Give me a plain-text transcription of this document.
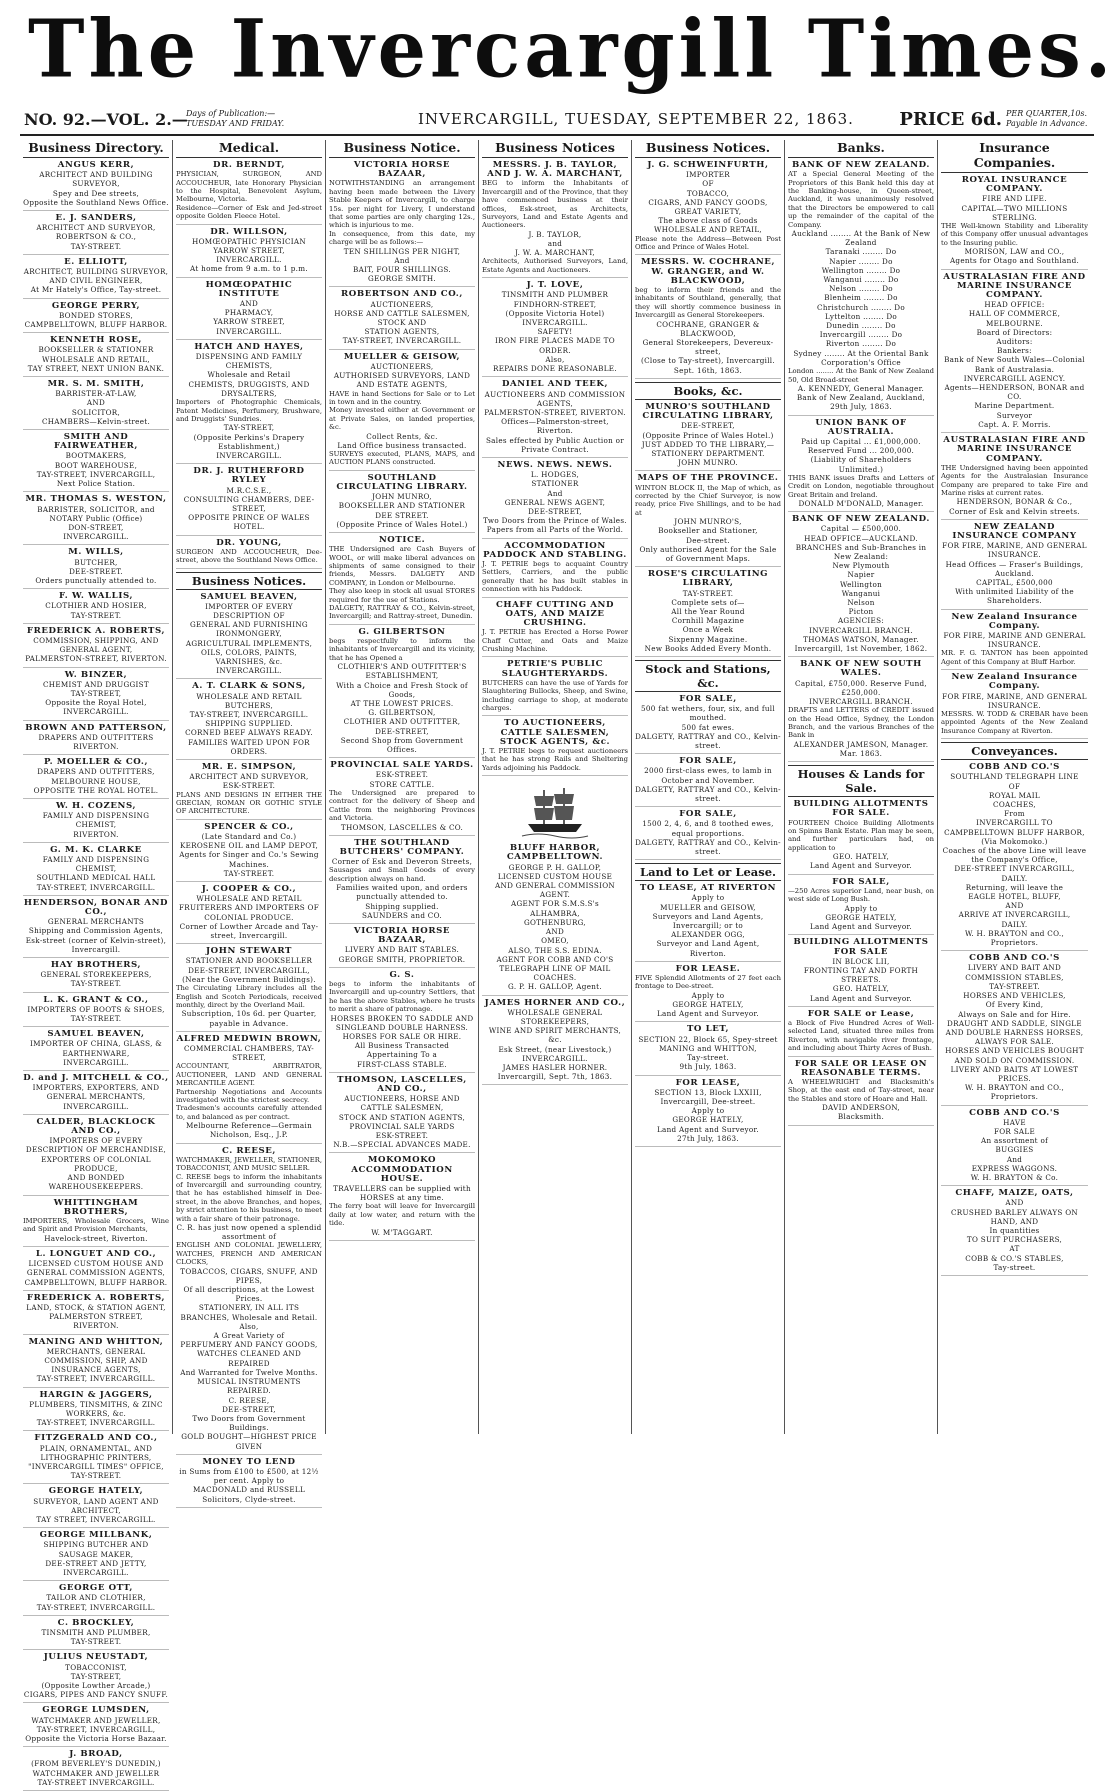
The Invercargill Times.
NO. 92.—VOL. 2.—
Days of Publication:— TUESDAY AND FRIDAY.	INVERCARGILL, TUESDAY, SEPTEMBER 22, 1863.	PRICE 6d. PER QUARTER,10s. Payable in Advance.
Business Directory.
ANGUS KERR,
ARCHITECT AND BUILDING SURVEYOR,
Spey and Dee streets,
Opposite the Southland News Office.
E. J. SANDERS,
ARCHITECT AND SURVEYOR,
ROBERTSON & CO.,
TAY-STREET.
E. ELLIOTT,
ARCHITECT, BUILDING SURVEYOR, AND CIVIL ENGINEER,
At Mr Hately's Office, Tay-street.
GEORGE PERRY,
BONDED STORES,
CAMPBELLTOWN, BLUFF HARBOR.
KENNETH ROSE,
BOOKSELLER & STATIONER
WHOLESALE AND RETAIL,
TAY STREET, NEXT UNION BANK.
MR. S. M. SMITH,
BARRISTER-AT-LAW,
AND
SOLICITOR,
CHAMBERS—Kelvin-street.
SMITH AND FAIRWEATHER,
BOOTMAKERS,
BOOT WAREHOUSE,
TAY-STREET, INVERCARGILL,
Next Police Station.
MR. THOMAS S. WESTON,
BARRISTER, SOLICITOR, and NOTARY Public (Office)
DON-STREET,
INVERCARGILL.
M. WILLS,
BUTCHER,
DEE-STREET.
Orders punctually attended to.
F. W. WALLIS,
CLOTHIER AND HOSIER,
TAY-STREET.
FREDERICK A. ROBERTS,
COMMISSION, SHIPPING, AND GENERAL AGENT,
PALMERSTON-STREET, RIVERTON.
W. BINZER,
CHEMIST AND DRUGGIST
TAY-STREET,
Opposite the Royal Hotel,
INVERCARGILL.
BROWN AND PATTERSON,
DRAPERS AND OUTFITTERS
RIVERTON.
P. MOELLER & CO.,
DRAPERS AND OUTFITTERS,
MELBOURNE HOUSE,
OPPOSITE THE ROYAL HOTEL.
W. H. COZENS,
FAMILY AND DISPENSING CHEMIST,
RIVERTON.
G. M. K. CLARKE
FAMILY AND DISPENSING CHEMIST,
SOUTHLAND MEDICAL HALL
TAY-STREET, INVERCARGILL.
HENDERSON, BONAR AND CO.,
GENERAL MERCHANTS
Shipping and Commission Agents,
Esk-street (corner of Kelvin-street), Invercargill.
HAY BROTHERS,
GENERAL STOREKEEPERS,
TAY-STREET.
L. K. GRANT & CO.,
IMPORTERS OF BOOTS & SHOES,
TAY-STREET.
SAMUEL BEAVEN,
IMPORTER OF CHINA, GLASS, & EARTHENWARE,
INVERCARGILL.
D. and J. MITCHELL & CO.,
IMPORTERS, EXPORTERS, AND GENERAL MERCHANTS,
INVERCARGILL.
CALDER, BLACKLOCK AND CO.,
IMPORTERS OF EVERY DESCRIPTION OF MERCHANDISE,
EXPORTERS OF COLONIAL PRODUCE,
AND BONDED WAREHOUSEKEEPERS.
WHITTINGHAM BROTHERS,
IMPORTERS, Wholesale Grocers, Wine and Spirit and Provision Merchants,
Havelock-street, Riverton.
L. LONGUET AND CO.,
LICENSED CUSTOM HOUSE AND GENERAL COMMISSION AGENTS,
CAMPBELLTOWN, BLUFF HARBOR.
FREDERICK A. ROBERTS,
LAND, STOCK, & STATION AGENT,
PALMERSTON STREET,
RIVERTON.
MANING AND WHITTON,
MERCHANTS, GENERAL COMMISSION, SHIP, AND INSURANCE AGENTS,
TAY-STREET, INVERCARGILL.
HARGIN & JAGGERS,
PLUMBERS, TINSMITHS, & ZINC WORKERS, &c.
TAY-STREET, INVERCARGILL.
FITZGERALD AND CO.,
PLAIN, ORNAMENTAL, AND LITHOGRAPHIC PRINTERS,
"INVERCARGILL TIMES" OFFICE,
TAY-STREET.
GEORGE HATELY,
SURVEYOR, LAND AGENT AND ARCHITECT,
TAY STREET, INVERCARGILL.
GEORGE MILLBANK,
SHIPPING BUTCHER AND SAUSAGE MAKER,
DEE-STREET AND JETTY,
INVERCARGILL.
GEORGE OTT,
TAILOR AND CLOTHIER,
TAY-STREET, INVERCARGILL.
C. BROCKLEY,
TINSMITH AND PLUMBER,
TAY-STREET.
JULIUS NEUSTADT,
TOBACCONIST,
TAY-STREET,
(Opposite Lowther Arcade,)
CIGARS, PIPES AND FANCY SNUFF.
GEORGE LUMSDEN,
WATCHMAKER AND JEWELLER,
TAY-STREET, INVERCARGILL,
Opposite the Victoria Horse Bazaar.
J. BROAD,
(FROM BEVERLEY'S DUNEDIN,)
WATCHMAKER AND JEWELLER
TAY-STREET INVERCARGILL.
Medical.
DR. BERNDT,
PHYSICIAN, SURGEON, AND ACCOUCHEUR, late Honorary Physician to the Hospital, Benevolent Asylum, Melbourne, Victoria.
Residence—Corner of Esk and Jed-street opposite Golden Fleece Hotel.
DR. WILLSON,
HOMŒOPATHIC PHYSICIAN
YARROW STREET,
INVERCARGILL.
At home from 9 a.m. to 1 p.m.
HOMŒOPATHIC INSTITUTE
AND
PHARMACY,
YARROW STREET,
INVERCARGILL.
HATCH AND HAYES,
DISPENSING AND FAMILY CHEMISTS,
Wholesale and Retail
CHEMISTS, DRUGGISTS, AND DRYSALTERS,
Importers of Photographic Chemicals, Patent Medicines, Perfumery, Brushware, and Druggists' Sundries.
TAY-STREET,
(Opposite Perkins's Drapery Establishment,)
INVERCARGILL.
DR. J. RUTHERFORD RYLEY
M.R.C.S.E.,
CONSULTING CHAMBERS, DEE-STREET,
OPPOSITE PRINCE OF WALES HOTEL.
DR. YOUNG,
SURGEON AND ACCOUCHEUR, Dee-street, above the Southland News Office.
Business Notices.
SAMUEL BEAVEN,
IMPORTER OF EVERY DESCRIPTION OF
GENERAL AND FURNISHING IRONMONGERY,
AGRICULTURAL IMPLEMENTS,
OILS, COLORS, PAINTS, VARNISHES, &c.
INVERCARGILL.
A. T. CLARK & SONS,
WHOLESALE AND RETAIL BUTCHERS,
TAY-STREET, INVERCARGILL.
SHIPPING SUPPLIED.
CORNED BEEF ALWAYS READY.
FAMILIES WAITED UPON FOR ORDERS.
MR. E. SIMPSON,
ARCHITECT AND SURVEYOR,
ESK-STREET.
PLANS AND DESIGNS IN EITHER THE GRECIAN, ROMAN OR GOTHIC STYLE OF ARCHITECTURE.
SPENCER & CO.,
(Late Standard and Co.)
KEROSENE OIL and LAMP DEPOT,
Agents for Singer and Co.'s Sewing Machines.
TAY-STREET.
J. COOPER & CO.,
WHOLESALE AND RETAIL
FRUITERERS AND IMPORTERS OF COLONIAL PRODUCE.
Corner of Lowther Arcade and Tay-street, Invercargill.
JOHN STEWART
STATIONER AND BOOKSELLER
DEE-STREET, INVERCARGILL,
(Near the Government Buildings).
The Circulating Library includes all the English and Scotch Periodicals, received monthly, direct by the Overland Mail.
Subscription, 10s 6d. per Quarter, payable in Advance.
ALFRED MEDWIN BROWN,
COMMERCIAL CHAMBERS, TAY-STREET,
ACCOUNTANT, ARBITRATOR, AUCTIONEER, LAND AND GENERAL MERCANTILE AGENT.
Partnership Negotiations and Accounts investigated with the strictest secrecy.
Tradesmen's accounts carefully attended to, and balanced as per contract.
Melbourne Reference—Germain Nicholson, Esq., J.P.
C. REESE,
WATCHMAKER, JEWELLER, STATIONER, TOBACCONIST, AND MUSIC SELLER.
C. REESE begs to inform the inhabitants of Invercargill and surrounding country, that he has established himself in Dee-street, in the above Branches, and hopes, by strict attention to his business, to meet with a fair share of their patronage.
C. R. has just now opened a splendid assortment of
ENGLISH AND COLONIAL JEWELLERY, WATCHES, FRENCH AND AMERICAN CLOCKS,
TOBACCOS, CIGARS, SNUFF, AND PIPES,
Of all descriptions, at the Lowest Prices.
STATIONERY, IN ALL ITS BRANCHES, Wholesale and Retail.
Also,
A Great Variety of
PERFUMERY AND FANCY GOODS,
WATCHES CLEANED AND REPAIRED
And Warranted for Twelve Months.
MUSICAL INSTRUMENTS REPAIRED.
C. REESE,
DEE-STREET,
Two Doors from Government Buildings.
GOLD BOUGHT—HIGHEST PRICE GIVEN
MONEY TO LEND
in Sums from £100 to £500, at 12½ per cent. Apply to
MACDONALD and RUSSELL
Solicitors, Clyde-street.
Business Notice.
VICTORIA HORSE BAZAAR,
NOTWITHSTANDING an arrangement having been made between the Livery Stable Keepers of Invercargill, to charge 15s. per night for Livery, I understand that some parties are only charging 12s., which is injurious to me.
In consequence, from this date, my charge will be as follows:—
TEN SHILLINGS PER NIGHT,
And
BAIT, FOUR SHILLINGS.
GEORGE SMITH.
ROBERTSON AND CO.,
AUCTIONEERS,
HORSE AND CATTLE SALESMEN,
STOCK AND
STATION AGENTS,
TAY-STREET, INVERCARGILL.
MUELLER & GEISOW,
AUCTIONEERS,
AUTHORISED SURVEYORS, LAND AND ESTATE AGENTS,
HAVE in hand Sections for Sale or to Let in town and in the country.
Money invested either at Government or at Private Sales, on landed properties, &c.
Collect Rents, &c.
Land Office business transacted.
SURVEYS executed, PLANS, MAPS, and AUCTION PLANS constructed.
SOUTHLAND CIRCULATING LIBRARY.
JOHN MUNRO,
BOOKSELLER AND STATIONER
DEE STREET.
(Opposite Prince of Wales Hotel.)
NOTICE.
THE Undersigned are Cash Buyers of WOOL, or will make liberal advances on shipments of same consigned to their friends, Messrs. DALGETY AND COMPANY, in London or Melbourne.
They also keep in stock all usual STORES required for the use of Stations.
DALGETY, RATTRAY & CO., Kelvin-street, Invercargill; and Rattray-street, Dunedin.
G. GILBERTSON
begs respectfully to inform the inhabitants of Invercargill and its vicinity, that he has Opened a
CLOTHIER'S AND OUTFITTER'S ESTABLISHMENT,
With a Choice and Fresh Stock of Goods,
AT THE LOWEST PRICES.
G. GILBERTSON,
CLOTHIER AND OUTFITTER,
DEE-STREET,
Second Shop from Government Offices.
PROVINCIAL SALE YARDS.
ESK-STREET.
STORE CATTLE.
The Undersigned are prepared to contract for the delivery of Sheep and Cattle from the neighboring Provinces and Victoria.
THOMSON, LASCELLES & CO.
THE SOUTHLAND BUTCHERS' COMPANY.
Corner of Esk and Deveron Streets,
Sausages and Small Goods of every description always on hand.
Families waited upon, and orders punctually attended to.
Shipping supplied.
SAUNDERS and CO.
VICTORIA HORSE BAZAAR,
LIVERY AND BAIT STABLES.
GEORGE SMITH, PROPRIETOR.
G. S.
begs to inform the inhabitants of Invercargill and up-country Settlers, that he has the above Stables, where he trusts to merit a share of patronage.
HORSES BROKEN TO SADDLE AND SINGLEAND DOUBLE HARNESS.
HORSES FOR SALE OR HIRE.
All Business Transacted Appertaining To a
FIRST-CLASS STABLE.
THOMSON, LASCELLES, AND CO.,
AUCTIONEERS, HORSE AND CATTLE SALESMEN,
STOCK AND STATION AGENTS,
PROVINCIAL SALE YARDS
ESK-STREET.
N.B.—SPECIAL ADVANCES MADE.
MOKOMOKO ACCOMMODATION HOUSE.
TRAVELLERS can be supplied with HORSES at any time.
The ferry boat will leave for Invercargill daily at low water, and return with the tide.
W. M'TAGGART.
Business Notices
MESSRS. J. B. TAYLOR, AND J. W. A. MARCHANT,
BEG to inform the Inhabitants of Invercargill and of the Province, that they have commenced business at their offices, Esk-street, as Architects, Surveyors, Land and Estate Agents and Auctioneers.
J. B. TAYLOR,
and
J. W. A. MARCHANT,
Architects, Authorised Surveyors, Land, Estate Agents and Auctioneers.
J. T. LOVE,
TINSMITH AND PLUMBER
FINDHORN-STREET,
(Opposite Victoria Hotel)
INVERCARGILL.
SAFETY!
IRON FIRE PLACES MADE TO ORDER.
Also,
REPAIRS DONE REASONABLE.
DANIEL AND TEEK,
AUCTIONEERS AND COMMISSION AGENTS,
PALMERSTON-STREET, RIVERTON.
Offices—Palmerston-street, Riverton.
Sales effected by Public Auction or Private Contract.
NEWS. NEWS. NEWS.
L. HODGES,
STATIONER
And
GENERAL NEWS AGENT,
DEE-STREET,
Two Doors from the Prince of Wales.
Papers from all Parts of the World.
ACCOMMODATION PADDOCK AND STABLING.
J. T. PETRIE begs to acquaint Country Settlers, Carriers, and the public generally that he has built stables in connection with his Paddock.
CHAFF CUTTING AND OATS, AND MAIZE CRUSHING.
J. T. PETRIE has Erected a Horse Power Chaff Cutter, and Oats and Maize Crushing Machine.
PETRIE'S PUBLIC SLAUGHTERYARDS.
BUTCHERS can have the use of Yards for Slaughtering Bullocks, Sheep, and Swine, including carriage to shop, at moderate charges.
TO AUCTIONEERS, CATTLE SALESMEN, STOCK AGENTS, &c.
J. T. PETRIE begs to request auctioneers that he has strong Rails and Sheltering Yards adjoining his Paddock.
BLUFF HARBOR, CAMPBELLTOWN.
GEORGE P. H. GALLOP,
LICENSED CUSTOM HOUSE
AND GENERAL COMMISSION AGENT.
AGENT FOR S.M.S.S's
ALHAMBRA,
GOTHENBURG,
AND
OMEO,
ALSO, THE S.S. EDINA.
AGENT FOR COBB AND CO'S
TELEGRAPH LINE OF MAIL COACHES.
G. P. H. GALLOP, Agent.
JAMES HORNER AND CO.,
WHOLESALE GENERAL STOREKEEPERS,
WINE AND SPIRIT MERCHANTS, &c.
Esk Street, (near Livestock,)
INVERCARGILL.
JAMES HASLER HORNER.
Invercargill, Sept. 7th, 1863.
Business Notices.
J. G. SCHWEINFURTH,
IMPORTER
OF
TOBACCO,
CIGARS, AND FANCY GOODS,
GREAT VARIETY,
The above class of Goods
WHOLESALE AND RETAIL,
Please note the Address—Between Post Office and Prince of Wales Hotel.
MESSRS. W. COCHRANE, W. GRANGER, and W. BLACKWOOD,
beg to inform their friends and the inhabitants of Southland, generally, that they will shortly commence business in Invercargill as General Storekeepers.
COCHRANE, GRANGER & BLACKWOOD,
General Storekeepers, Devereux-street,
(Close to Tay-street), Invercargill.
Sept. 16th, 1863.
Books, &c.
MUNRO'S SOUTHLAND CIRCULATING LIBRARY,
DEE-STREET,
(Opposite Prince of Wales Hotel.)
JUST ADDED TO THE LIBRARY,—
STATIONERY DEPARTMENT.
JOHN MUNRO.
MAPS OF THE PROVINCE.
WINTON BLOCK II, the Map of which, as corrected by the Chief Surveyor, is now ready, price Five Shillings, and to be had at
JOHN MUNRO'S,
Bookseller and Stationer,
Dee-street.
Only authorised Agent for the Sale of Government Maps.
ROSE'S CIRCULATING LIBRARY,
TAY-STREET.
Complete sets of—
All the Year Round
Cornhill Magazine
Once a Week
Sixpenny Magazine.
New Books Added Every Month.
Stock and Stations, &c.
FOR SALE,
500 fat wethers, four, six, and full mouthed.
500 fat ewes.
DALGETY, RATTRAY and CO., Kelvin-street.
FOR SALE,
2000 first-class ewes, to lamb in October and November.
DALGETY, RATTRAY and CO., Kelvin-street.
FOR SALE,
1500 2, 4, 6, and 8 toothed ewes, equal proportions.
DALGETY, RATTRAY and CO., Kelvin-street.
Land to Let or Lease.
TO LEASE, AT RIVERTON
Apply to
MUELLER and GEISOW,
Surveyors and Land Agents,
Invercargill; or to
ALEXANDER OGG,
Surveyor and Land Agent,
Riverton.
FOR LEASE.
FIVE Splendid Allotments of 27 feet each frontage to Dee-street.
Apply to
GEORGE HATELY,
Land Agent and Surveyor.
TO LET,
SECTION 22, Block 65, Spey-street
MANING and WHITTON,
Tay-street.
9th July, 1863.
FOR LEASE,
SECTION 13, Block LXXIII, Invercargill, Dee-street.
Apply to
GEORGE HATELY,
Land Agent and Surveyor.
27th July, 1863.
Banks.
BANK OF NEW ZEALAND.
AT a Special General Meeting of the Proprietors of this Bank held this day at the Banking-house, in Queen-street, Auckland, it was unanimously resolved that the Directors be empowered to call up the remainder of the capital of the Company.
Auckland ........ At the Bank of New Zealand
Taranaki ........ Do
Napier ........ Do
Wellington ........ Do
Wanganui ........ Do
Nelson ........ Do
Blenheim ........ Do
Christchurch ........ Do
Lyttelton ........ Do
Dunedin ........ Do
Invercargill ........ Do
Riverton ........ Do
Sydney ........ At the Oriental Bank Corporation's Office
London ........ At the Bank of New Zealand 50, Old Broad-street
A. KENNEDY, General Manager.
Bank of New Zealand, Auckland, 29th July, 1863.
UNION BANK OF AUSTRALIA.
Paid up Capital ... £1,000,000.
Reserved Fund ... 200,000.
(Liability of Shareholders Unlimited.)
THIS BANK issues Drafts and Letters of Credit on London, negotiable throughout Great Britain and Ireland.
DONALD M'DONALD, Manager.
BANK OF NEW ZEALAND.
Capital — £500,000.
HEAD OFFICE—AUCKLAND.
BRANCHES and Sub-Branches in New Zealand:
New Plymouth
Napier
Wellington
Wanganui
Nelson
Picton
AGENCIES:
INVERCARGILL BRANCH.
THOMAS WATSON, Manager.
Invercargill, 1st November, 1862.
BANK OF NEW SOUTH WALES.
Capital, £750,000. Reserve Fund, £250,000.
INVERCARGILL BRANCH.
DRAFTS and LETTERS of CREDIT issued on the Head Office, Sydney, the London Branch, and the various Branches of the Bank in
ALEXANDER JAMESON, Manager.
Mar. 1863.
Houses & Lands for Sale.
BUILDING ALLOTMENTS FOR SALE.
FOURTEEN Choice Building Allotments on Spinns Bank Estate. Plan may be seen, and further particulars had, on application to
GEO. HATELY,
Land Agent and Surveyor.
FOR SALE,
—250 Acres superior Land, near bush, on west side of Long Bush.
Apply to
GEORGE HATELY,
Land Agent and Surveyor.
BUILDING ALLOTMENTS FOR SALE
IN BLOCK LII,
FRONTING TAY AND FORTH STREETS.
GEO. HATELY,
Land Agent and Surveyor.
FOR SALE or Lease,
a Block of Five Hundred Acres of Well-selected Land, situated three miles from Riverton, with navigable river frontage, and including about Thirty Acres of Bush.
FOR SALE OR LEASE ON REASONABLE TERMS.
A WHEELWRIGHT and Blacksmith's Shop, at the east end of Tay-street, near the Stables and store of Hoare and Hall.
DAVID ANDERSON,
Blacksmith.
Insurance Companies.
ROYAL INSURANCE COMPANY.
FIRE AND LIFE.
CAPITAL—TWO MILLIONS STERLING.
THE Well-known Stability and Liberality of this Company offer unusual advantages to the Insuring public.
MORISON, LAW and CO.,
Agents for Otago and Southland.
AUSTRALASIAN FIRE AND MARINE INSURANCE COMPANY.
HEAD OFFICE:
HALL OF COMMERCE, MELBOURNE.
Board of Directors:
Auditors:
Bankers:
Bank of New South Wales—Colonial Bank of Australasia.
INVERCARGILL AGENCY.
Agents—HENDERSON, BONAR and CO.
Marine Department.
Surveyor
Capt. A. F. Morris.
AUSTRALASIAN FIRE AND MARINE INSURANCE COMPANY.
THE Undersigned having been appointed Agents for the Australasian Insurance Company are prepared to take Fire and Marine risks at current rates.
HENDERSON, BONAR & Co.,
Corner of Esk and Kelvin streets.
NEW ZEALAND INSURANCE COMPANY
FOR FIRE, MARINE, AND GENERAL INSURANCE.
Head Offices — Fraser's Buildings, Auckland.
CAPITAL, £500,000
With unlimited Liability of the Shareholders.
New Zealand Insurance Company.
FOR FIRE, MARINE AND GENERAL INSURANCE.
MR. F. G. TANTON has been appointed Agent of this Company at Bluff Harbor.
New Zealand Insurance Company.
FOR FIRE, MARINE, AND GENERAL INSURANCE.
MESSRS. W. TODD & CREBAR have been appointed Agents of the New Zealand Insurance Company at Riverton.
Conveyances.
COBB AND CO.'S
SOUTHLAND TELEGRAPH LINE
OF
ROYAL MAIL
COACHES,
From
INVERCARGILL TO CAMPBELLTOWN BLUFF HARBOR,
(Via Mokomoko.)
Coaches of the above Line will leave the Company's Office,
DEE-STREET INVERCARGILL,
DAILY.
Returning, will leave the
EAGLE HOTEL, BLUFF,
AND
ARRIVE AT INVERCARGILL,
DAILY.
W. H. BRAYTON and CO.,
Proprietors.
COBB AND CO.'S
LIVERY AND BAIT AND COMMISSION STABLES,
TAY-STREET.
HORSES AND VEHICLES,
Of Every Kind,
Always on Sale and for Hire.
DRAUGHT AND SADDLE, SINGLE AND DOUBLE HARNESS HORSES,
ALWAYS FOR SALE.
HORSES AND VEHICLES BOUGHT AND SOLD ON COMMISSION.
LIVERY AND BAITS AT LOWEST PRICES.
W. H. BRAYTON and CO.,
Proprietors.
COBB AND CO.'S
HAVE
FOR SALE
An assortment of
BUGGIES
And
EXPRESS WAGGONS.
W. H. BRAYTON & Co.
CHAFF, MAIZE, OATS,
AND
CRUSHED BARLEY ALWAYS ON HAND, AND
In quantities
TO SUIT PURCHASERS,
AT
COBB & CO.'S STABLES,
Tay-street.
